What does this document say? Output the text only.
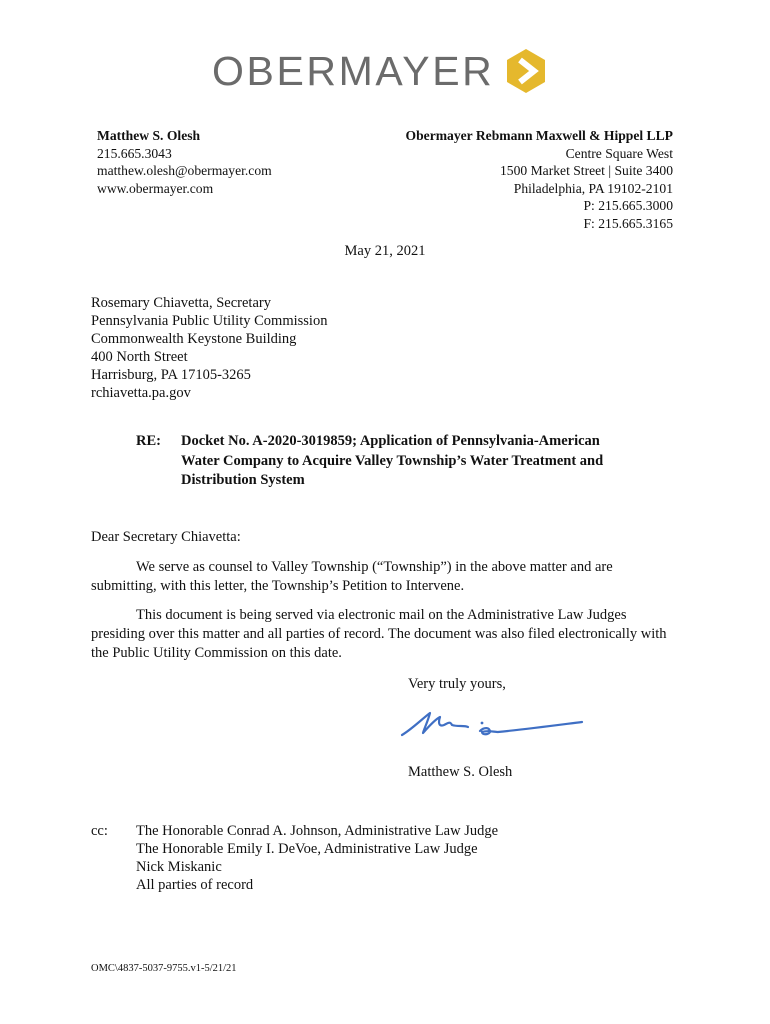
OBERMAYER
Matthew S. Olesh
215.665.3043
matthew.olesh@obermayer.com
www.obermayer.com
Obermayer Rebmann Maxwell & Hippel LLP
Centre Square West
1500 Market Street | Suite 3400
Philadelphia, PA 19102-2101
P: 215.665.3000
F: 215.665.3165
May 21, 2021
Rosemary Chiavetta, Secretary
Pennsylvania Public Utility Commission
Commonwealth Keystone Building
400 North Street
Harrisburg, PA 17105-3265
rchiavetta.pa.gov
RE: Docket No. A-2020-3019859; Application of Pennsylvania-American
Water Company to Acquire Valley Township’s Water Treatment and
Distribution System
Dear Secretary Chiavetta:

We serve as counsel to Valley Township (“Township”) in the above matter and are submitting, with this letter, the Township’s Petition to Intervene.

This document is being served via electronic mail on the Administrative Law Judges presiding over this matter and all parties of record. The document was also filed electronically with the Public Utility Commission on this date.

Very truly yours,
Matthew S. Olesh
cc: The Honorable Conrad A. Johnson, Administrative Law Judge
The Honorable Emily I. DeVoe, Administrative Law Judge
Nick Miskanic
All parties of record
OMC\4837-5037-9755.v1-5/21/21
